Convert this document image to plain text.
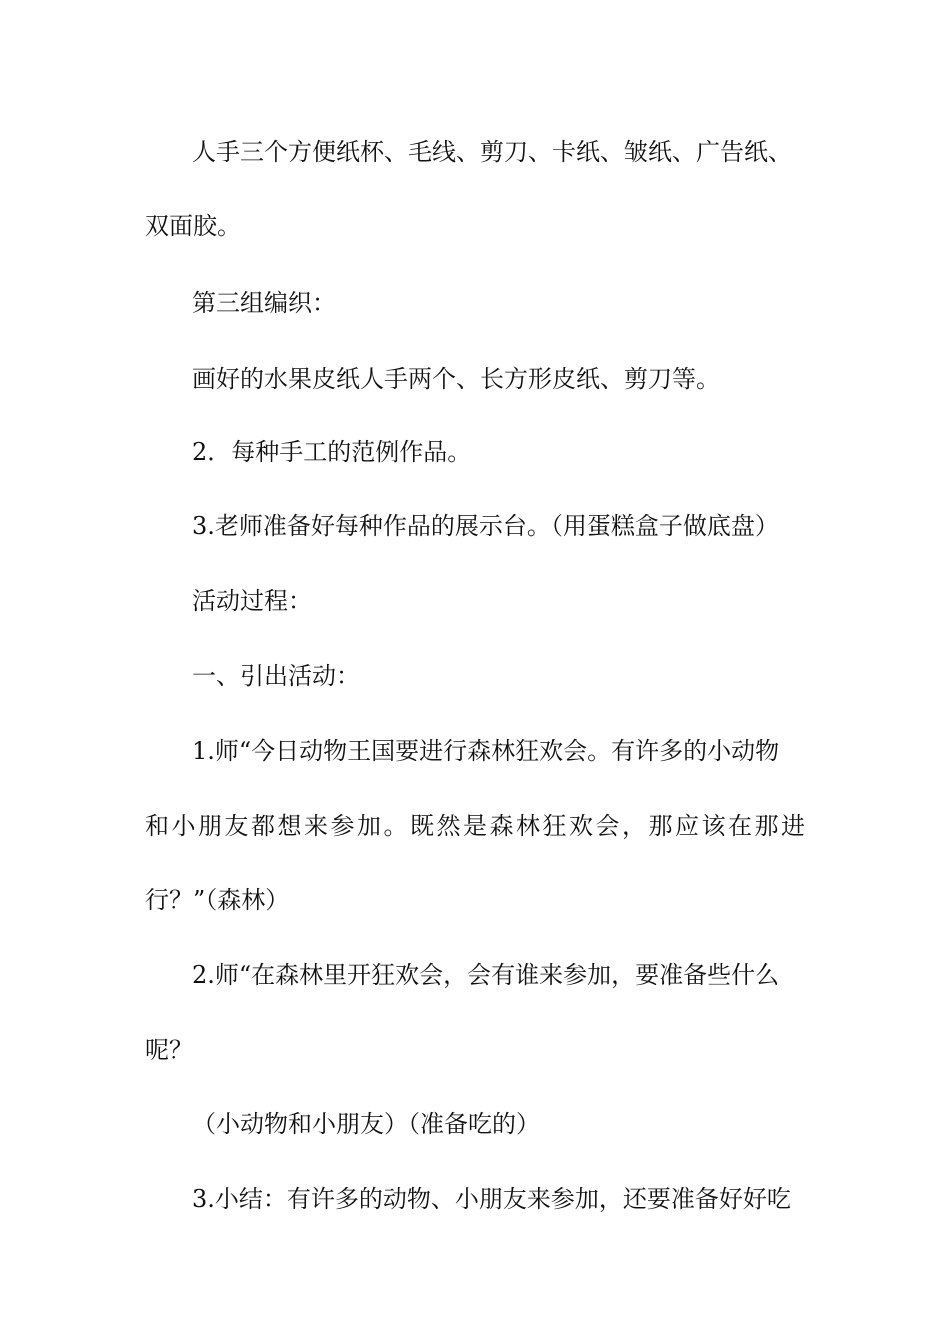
人手三个方便纸杯、毛线、剪刀、卡纸、皱纸、广告纸、
双面胶。
第三组编织：
画好的水果皮纸人手两个、长方形皮纸、剪刀等。
2．每种手工的范例作品。
3.老师准备好每种作品的展示台。（用蛋糕盒子做底盘）
活动过程：
一、引出活动：
1.师“今日动物王国要进行森林狂欢会。有许多的小动物
和 小 朋 友 都 想 来 参 加 。 既 然 是 森 林 狂 欢 会 ， 那 应 该 在 那 进
行？”（森林）
2.师“在森林里开狂欢会，会有谁来参加，要准备些什么
呢？
（小动物和小朋友）（准备吃的）
3.小结：有许多的动物、小朋友来参加，还要准备好好吃
